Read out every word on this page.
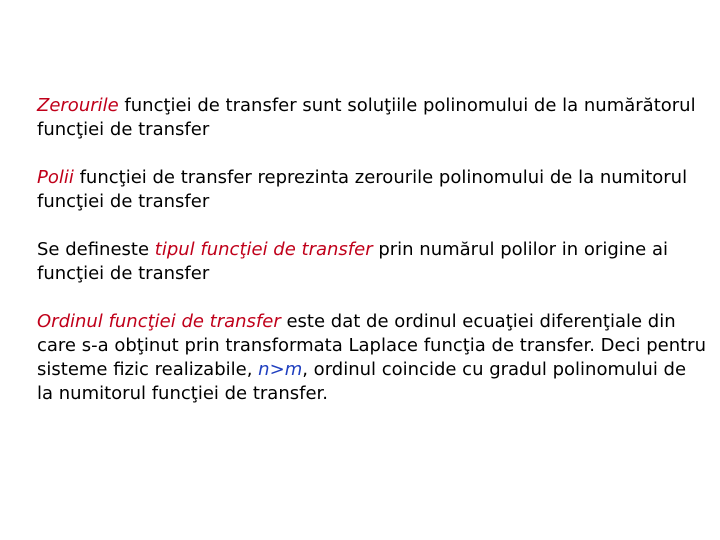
Zerourile funcţiei de transfer sunt soluţiile polinomului de la numărătorul funcţiei de transfer

Polii funcţiei de transfer reprezinta zerourile polinomului de la numitorul funcţiei de transfer

Se defineste tipul funcţiei de transfer prin numărul polilor in origine ai funcţiei de transfer

Ordinul funcţiei de transfer este dat de ordinul ecuaţiei diferenţiale din care s-a obţinut prin transformata Laplace funcţia de transfer. Deci pentru sisteme fizic realizabile, n>m, ordinul coincide cu gradul polinomului de la numitorul funcţiei de transfer.
